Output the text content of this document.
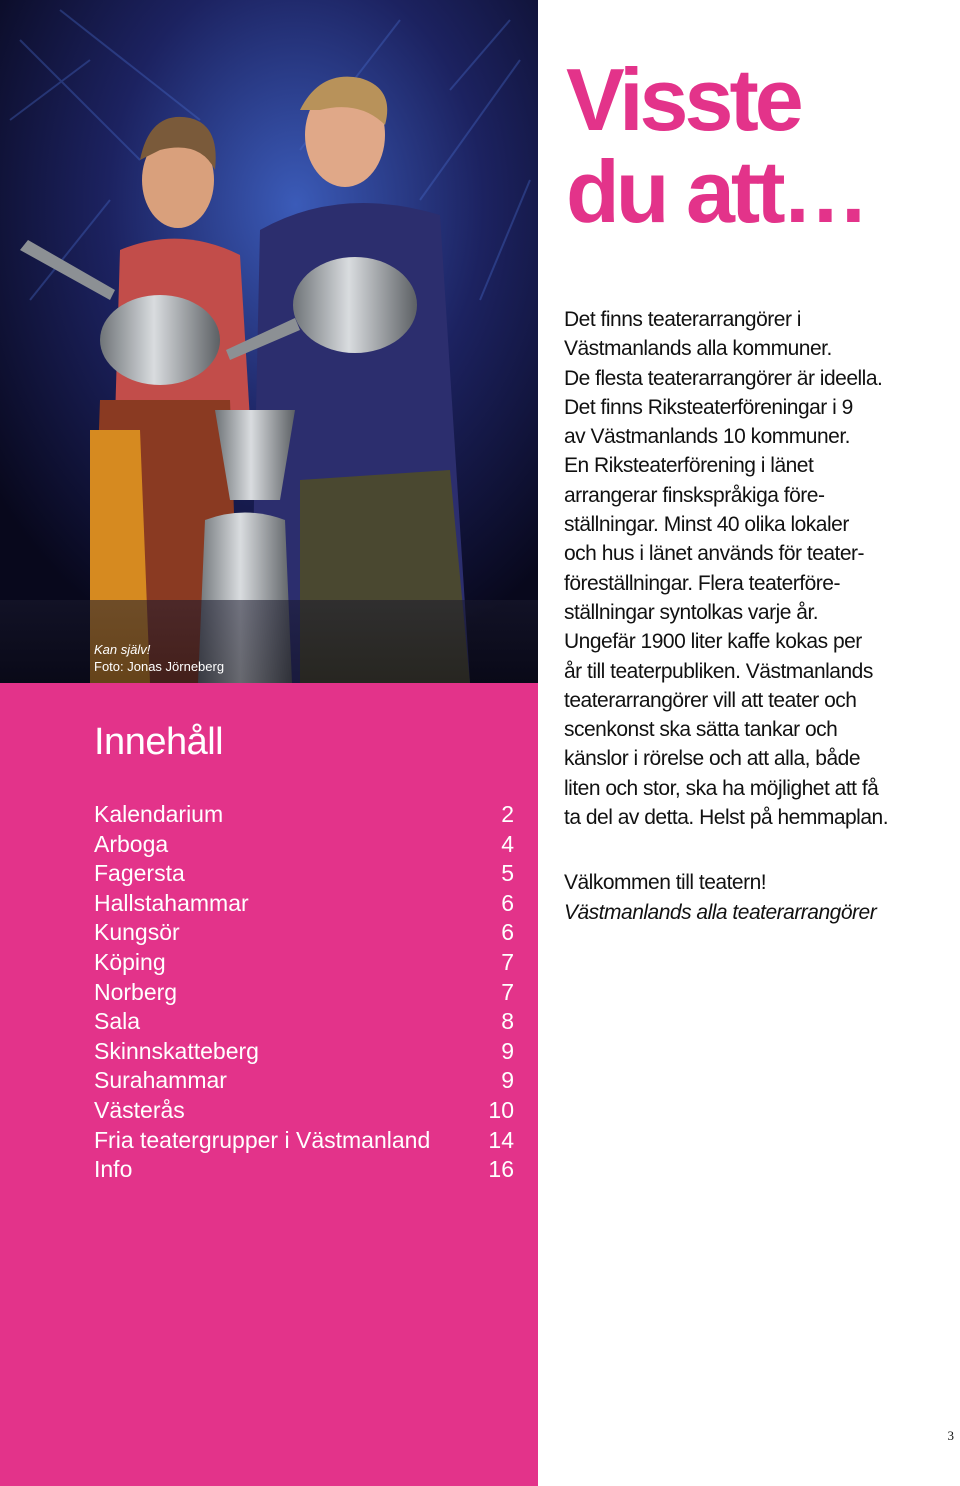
Kan själv!
Foto: Jonas Jörneberg
Innehåll
Kalendarium	2
Arboga	4
Fagersta	5
Hallstahammar	6
Kungsör	6
Köping	7
Norberg	7
Sala	8
Skinnskatteberg	9
Surahammar	9
Västerås	10
Fria teatergrupper i Västmanland	14
Info	16
Visste
du att…

Det finns teaterarrangörer i
Västmanlands alla kommuner.
De flesta teaterarrangörer är ideella.
Det finns Riksteaterföreningar i 9
av Västmanlands 10 kommuner.
En Riksteaterförening i länet
arrangerar finskspråkiga före-
ställningar. Minst 40 olika lokaler
och hus i länet används för teater-
föreställningar. Flera teaterföre-
ställningar syntolkas varje år.
Ungefär 1900 liter kaffe kokas per
år till teaterpubliken. Västmanlands
teaterarrangörer vill att teater och
scenkonst ska sätta tankar och
känslor i rörelse och att alla, både
liten och stor, ska ha möjlighet att få
ta del av detta. Helst på hemmaplan.

Välkommen till teatern!

Västmanlands alla teaterarrangörer

3
